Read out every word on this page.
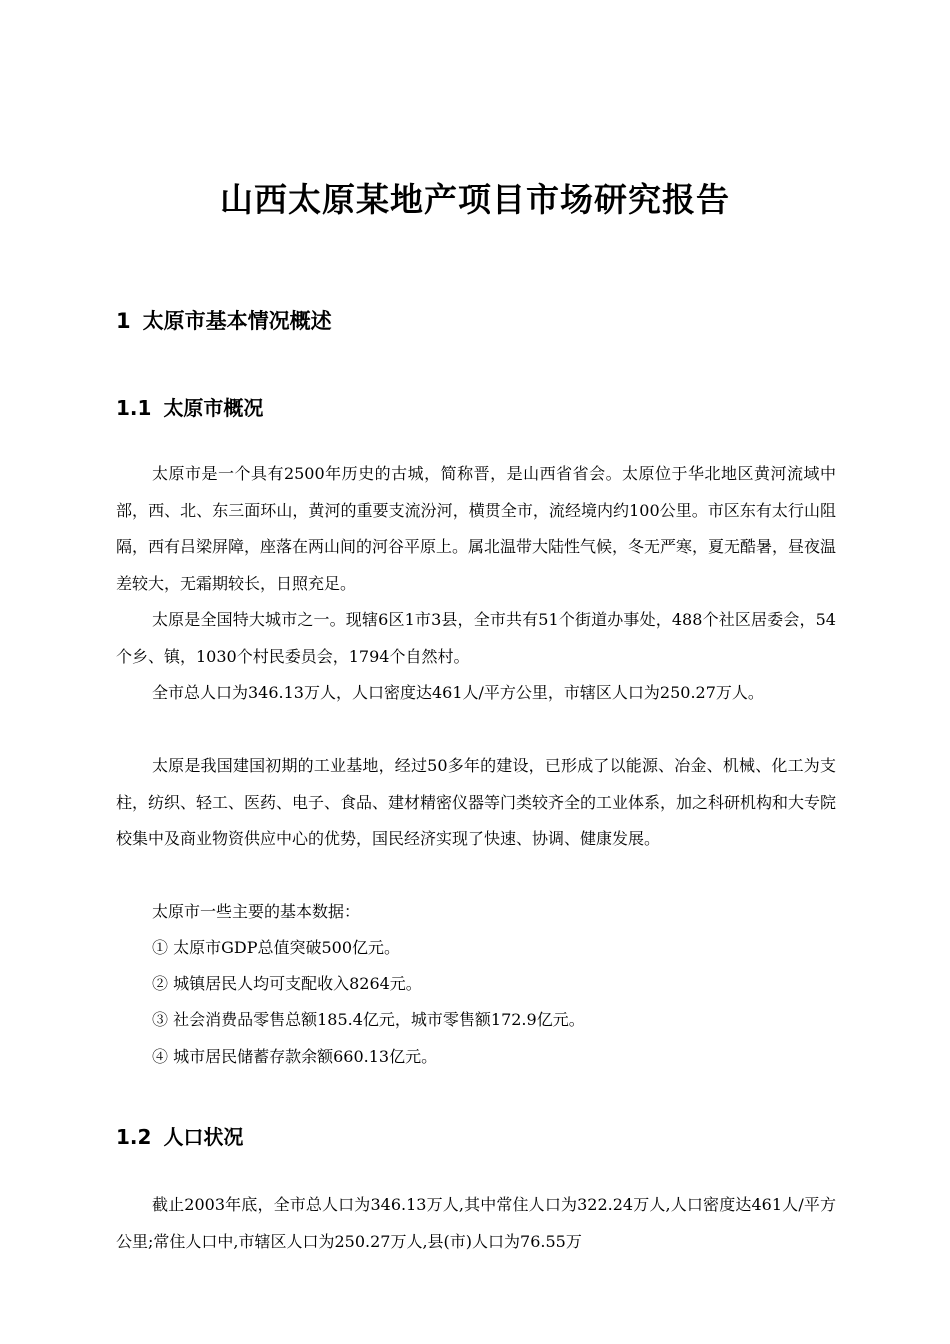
山西太原某地产项目市场研究报告
1 太原市基本情况概述
1.1 太原市概况

太原市是一个具有2500年历史的古城，简称晋，是山西省省会。太原位于华北地区黄河流域中部，西、北、东三面环山，黄河的重要支流汾河，横贯全市，流经境内约100公里。市区东有太行山阻隔，西有吕梁屏障，座落在两山间的河谷平原上。属北温带大陆性气候，冬无严寒，夏无酷暑，昼夜温差较大，无霜期较长，日照充足。

太原是全国特大城市之一。现辖6区1市3县，全市共有51个街道办事处，488个社区居委会，54个乡、镇，1030个村民委员会，1794个自然村。

全市总人口为346.13万人，人口密度达461人/平方公里，市辖区人口为250.27万人。

太原是我国建国初期的工业基地，经过50多年的建设，已形成了以能源、冶金、机械、化工为支柱，纺织、轻工、医药、电子、食品、建材精密仪器等门类较齐全的工业体系，加之科研机构和大专院校集中及商业物资供应中心的优势，国民经济实现了快速、协调、健康发展。

太原市一些主要的基本数据：

① 太原市GDP总值突破500亿元。

② 城镇居民人均可支配收入8264元。

③ 社会消费品零售总额185.4亿元，城市零售额172.9亿元。

④ 城市居民储蓄存款余额660.13亿元。

1.2 人口状况

截止2003年底，全市总人口为346.13万人,其中常住人口为322.24万人,人口密度达461人/平方公里;常住人口中,市辖区人口为250.27万人,县(市)人口为76.55万
